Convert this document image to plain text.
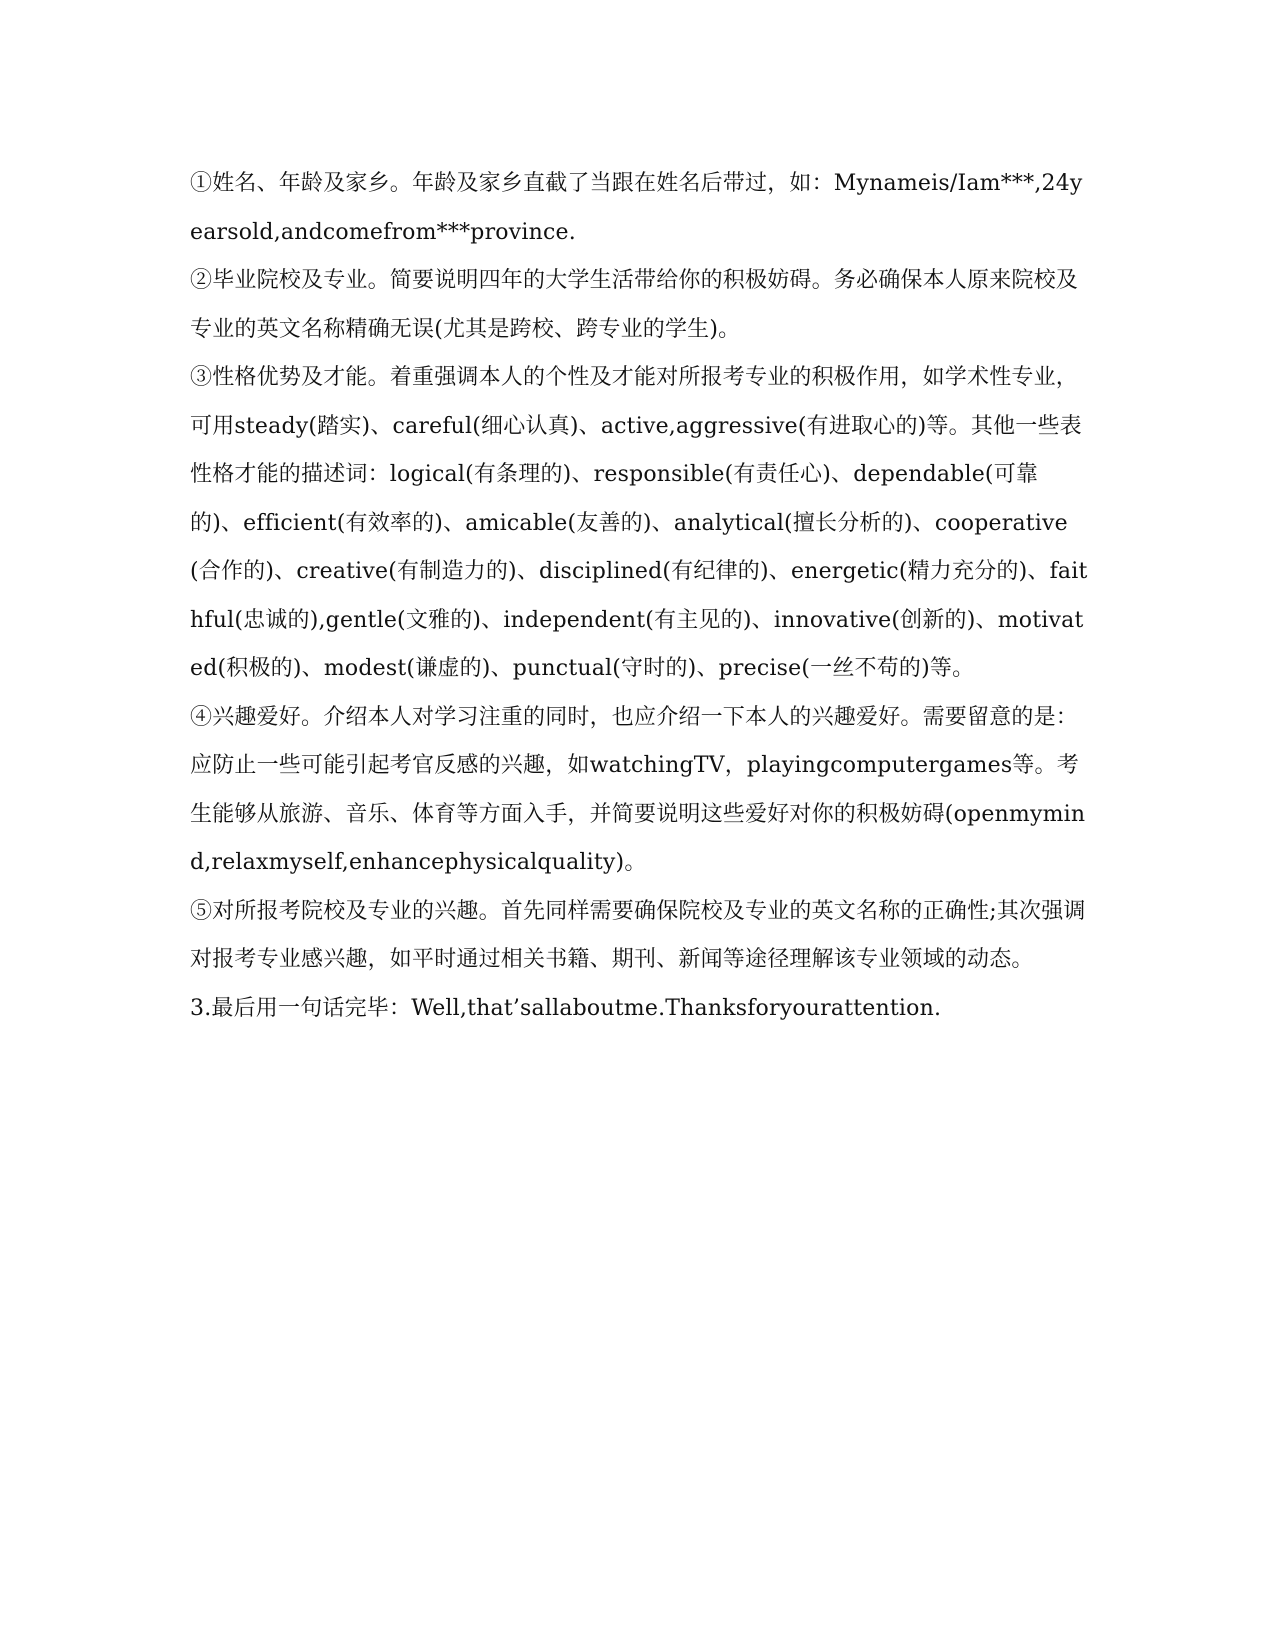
①姓名、年龄及家乡。年龄及家乡直截了当跟在姓名后带过，如：Mynameis/Iam***,24yearsold,andcomefrom***province.

②毕业院校及专业。简要说明四年的大学生活带给你的积极妨碍。务必确保本人原来院校及专业的英文名称精确无误(尤其是跨校、跨专业的学生)。

③性格优势及才能。着重强调本人的个性及才能对所报考专业的积极作用，如学术性专业，可用steady(踏实)、careful(细心认真)、active,aggressive(有进取心的)等。其他一些表性格才能的描述词：logical(有条理的)、responsible(有责任心)、dependable(可靠的)、efficient(有效率的)、amicable(友善的)、analytical(擅长分析的)、cooperative(合作的)、creative(有制造力的)、disciplined(有纪律的)、energetic(精力充分的)、faithful(忠诚的),gentle(文雅的)、independent(有主见的)、innovative(创新的)、motivated(积极的)、modest(谦虚的)、punctual(守时的)、precise(一丝不苟的)等。

④兴趣爱好。介绍本人对学习注重的同时，也应介绍一下本人的兴趣爱好。需要留意的是：应防止一些可能引起考官反感的兴趣，如watchingTV，playingcomputergames等。考生能够从旅游、音乐、体育等方面入手，并简要说明这些爱好对你的积极妨碍(openmymind,relaxmyself,enhancephysicalquality)。

⑤对所报考院校及专业的兴趣。首先同样需要确保院校及专业的英文名称的正确性;其次强调对报考专业感兴趣，如平时通过相关书籍、期刊、新闻等途径理解该专业领域的动态。

3.最后用一句话完毕：Well,that’sallaboutme.Thanksforyourattention.
